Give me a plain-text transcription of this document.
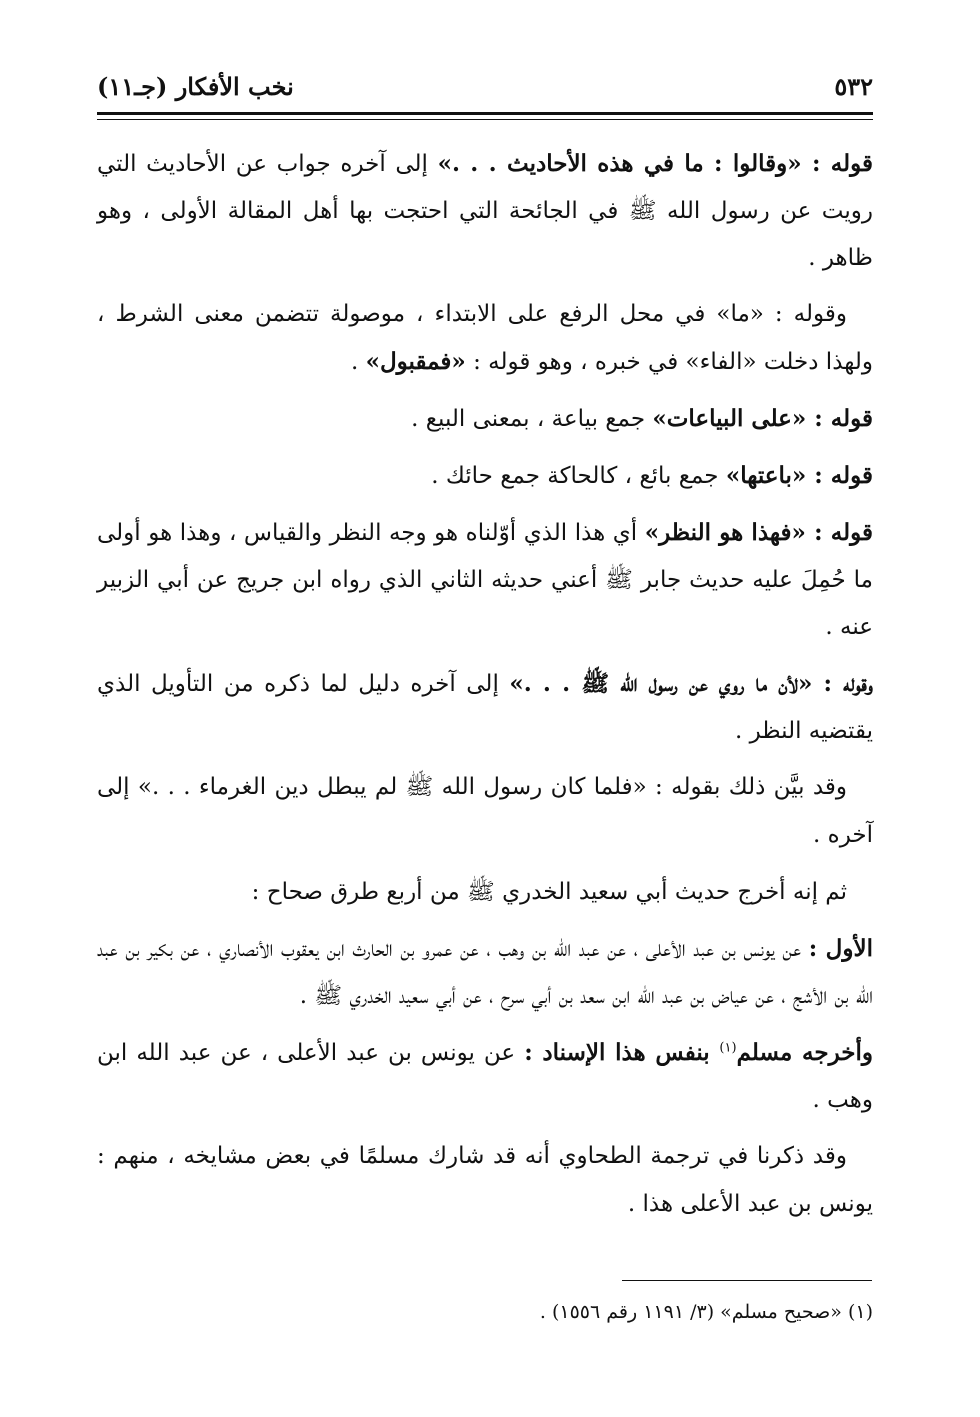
٥٣٢
نخب الأفكار (جـ١١)

قوله : «وقالوا : ما في هذه الأحاديث . . .» إلى آخره جواب عن الأحاديث التي رويت عن رسول الله ﷺ في الجائحة التي احتجت بها أهل المقالة الأولى ، وهو ظاهر .

وقوله : «ما» في محل الرفع على الابتداء ، موصولة تتضمن معنى الشرط ، ولهذا دخلت «الفاء» في خبره ، وهو قوله : «فمقبول» .

قوله : «على البياعات» جمع بياعة ، بمعنى البيع .

قوله : «باعتها» جمع بائع ، كالحاكة جمع حائك .

قوله : «فهذا هو النظر» أي هذا الذي أوّلناه هو وجه النظر والقياس ، وهذا هو أولى ما حُمِلَ عليه حديث جابر ﷺ أعني حديثه الثاني الذي رواه ابن جريج عن أبي الزبير عنه .

وقوله : «لأن ما روي عن رسول الله ﷺ . . .» إلى آخره دليل لما ذكره من التأويل الذي يقتضيه النظر .

وقد بيَّن ذلك بقوله : «فلما كان رسول الله ﷺ لم يبطل دين الغرماء . . .» إلى آخره .

ثم إنه أخرج حديث أبي سعيد الخدري ﷺ من أربع طرق صحاح :

الأول : عن يونس بن عبد الأعلى ، عن عبد الله بن وهب ، عن عمرو بن الحارث ابن يعقوب الأنصاري ، عن بكير بن عبد الله بن الأشج ، عن عياض بن عبد الله ابن سعد بن أبي سرح ، عن أبي سعيد الخدري ﷺ .

وأخرجه مسلم$^{(١)}$ بنفس هذا الإسناد : عن يونس بن عبد الأعلى ، عن عبد الله ابن وهب .

وقد ذكرنا في ترجمة الطحاوي أنه قد شارك مسلمًا في بعض مشايخه ، منهم : يونس بن عبد الأعلى هذا .

(١) «صحيح مسلم» (٣/ ١١٩١ رقم ١٥٥٦) .
